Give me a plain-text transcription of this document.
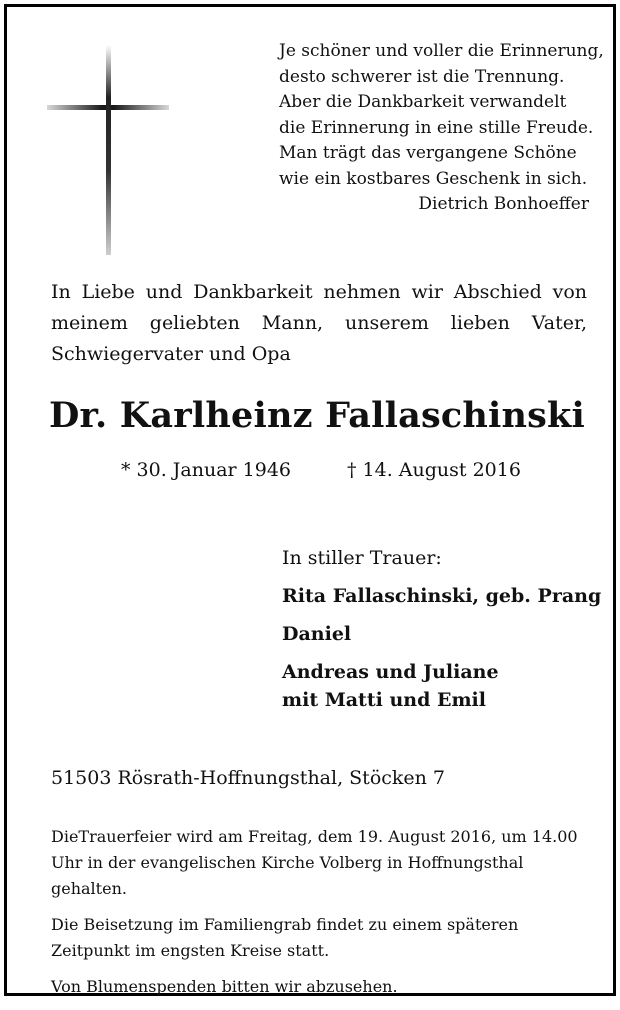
Je schöner und voller die Erinnerung,
desto schwerer ist die Trennung.
Aber die Dankbarkeit verwandelt
die Erinnerung in eine stille Freude.
Man trägt das vergangene Schöne
wie ein kostbares Geschenk in sich.
Dietrich Bonhoeffer
In Liebe und Dankbarkeit nehmen wir Abschied von meinem geliebten Mann, unserem lieben Vater, Schwiegervater und Opa
Dr. Karlheinz Fallaschinski
* 30. Januar 1946	† 14. August 2016
In stiller Trauer:
Rita Fallaschinski, geb. Prang
Daniel
Andreas und Juliane
mit Matti und Emil
51503 Rösrath-Hoffnungsthal, Stöcken 7

DieTrauerfeier wird am Freitag, dem 19. August 2016, um 14.00 Uhr in der evangelischen Kirche Volberg in Hoffnungsthal gehalten.

Die Beisetzung im Familiengrab findet zu einem späteren Zeitpunkt im engsten Kreise statt.

Von Blumenspenden bitten wir abzusehen.
